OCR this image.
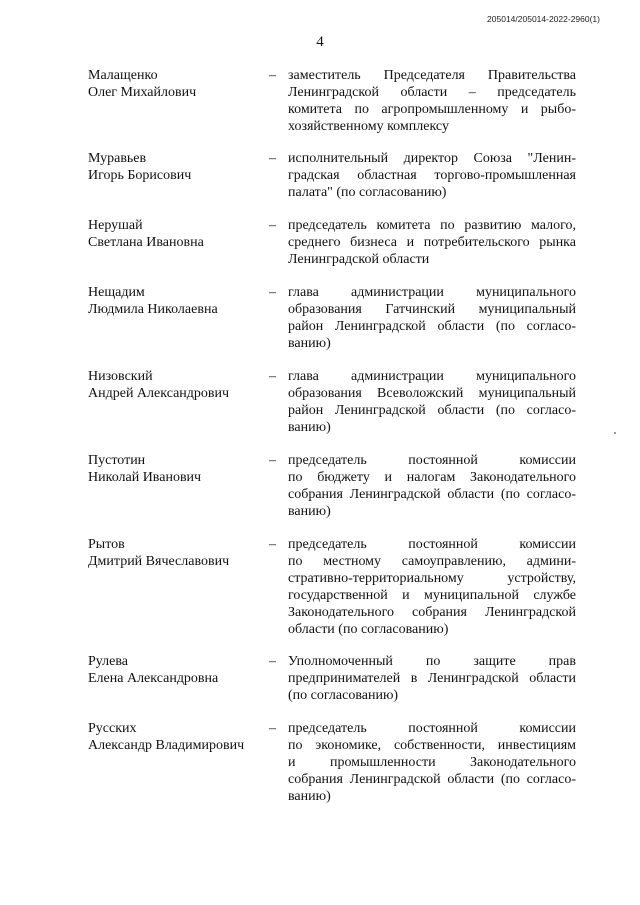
205014/205014-2022-2960(1)
4
Малащенко
Олег Михайлович
– заместитель Председателя Правительства
Ленинградской области – председатель
комитета по агропромышленному и рыбо-
хозяйственному комплексу
Муравьев
Игорь Борисович
– исполнительный директор Союза "Ленин-
градская областная торгово-промышленная
палата" (по согласованию)
Нерушай
Светлана Ивановна
– председатель комитета по развитию малого,
среднего бизнеса и потребительского рынка
Ленинградской области
Нещадим
Людмила Николаевна
– глава администрации муниципального
образования Гатчинский муниципальный
район Ленинградской области (по согласо-
ванию)
Низовский
Андрей Александрович
– глава администрации муниципального
образования Всеволожский муниципальный
район Ленинградской области (по согласо-
ванию)
Пустотин
Николай Иванович
– председатель постоянной комиссии
по бюджету и налогам Законодательного
собрания Ленинградской области (по согласо-
ванию)
Рытов
Дмитрий Вячеславович
– председатель постоянной комиссии
по местному самоуправлению, админи-
стративно-территориальному устройству,
государственной и муниципальной службе
Законодательного собрания Ленинградской
области (по согласованию)
Рулева
Елена Александровна
– Уполномоченный по защите прав
предпринимателей в Ленинградской области
(по согласованию)
Русских
Александр Владимирович
– председатель постоянной комиссии
по экономике, собственности, инвестициям
и промышленности Законодательного
собрания Ленинградской области (по согласо-
ванию)
